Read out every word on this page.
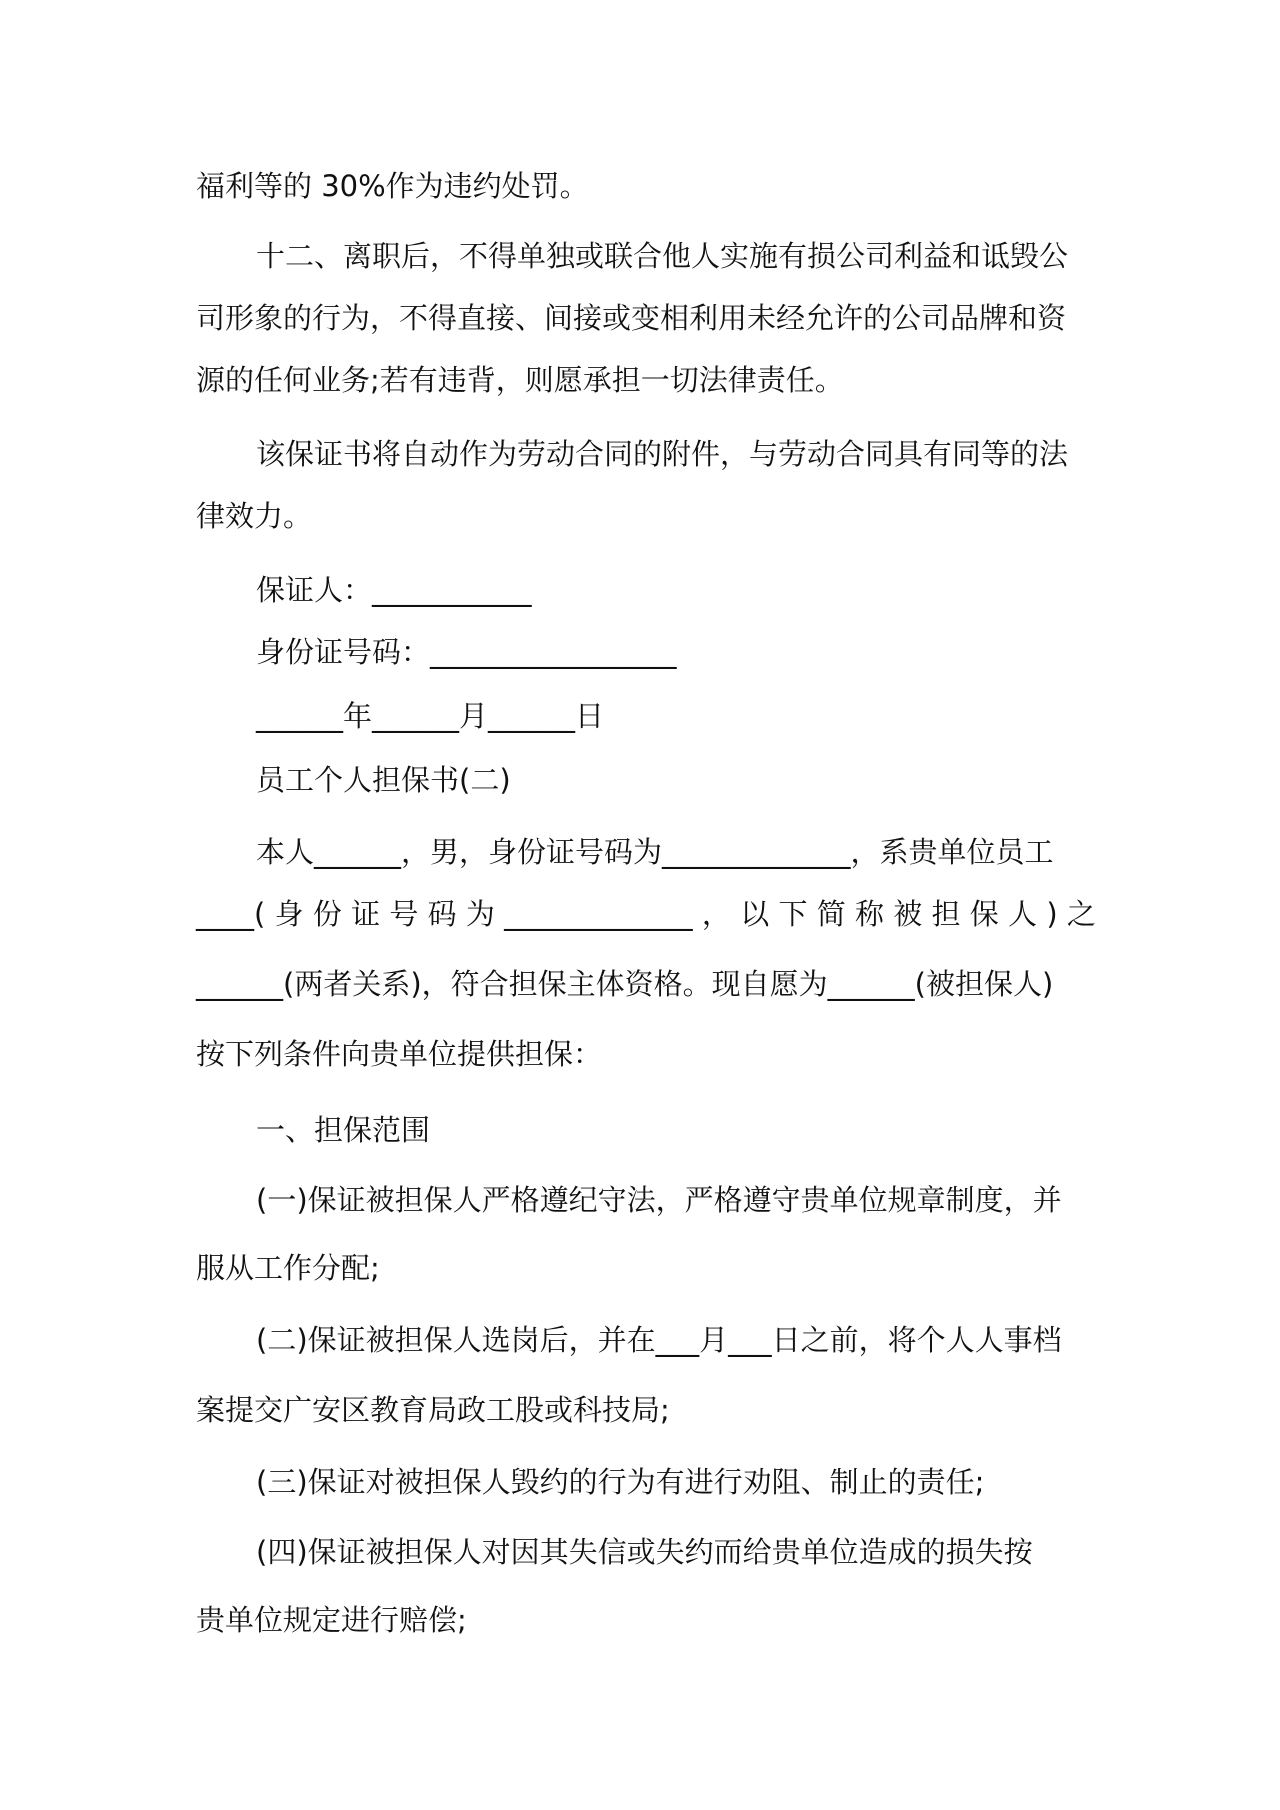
福利等的 30%作为违约处罚。
十二、离职后，不得单独或联合他人实施有损公司利益和诋毁公
司形象的行为，不得直接、间接或变相利用未经允许的公司品牌和资
源的任何业务;若有违背，则愿承担一切法律责任。
该保证书将自动作为劳动合同的附件，与劳动合同具有同等的法
律效力。
保证人：___________
身份证号码：_________________
______年______月______日
员工个人担保书(二)
本人______，男，身份证号码为_____________，系贵单位员工
____( 身 份 证 号 码 为 _____________ ， 以 下 简 称 被 担 保 人 ) 之
______(两者关系)，符合担保主体资格。现自愿为______(被担保人)
按下列条件向贵单位提供担保：
一、担保范围
(一)保证被担保人严格遵纪守法，严格遵守贵单位规章制度，并
服从工作分配;
(二)保证被担保人选岗后，并在___月___日之前，将个人人事档
案提交广安区教育局政工股或科技局;
(三)保证对被担保人毁约的行为有进行劝阻、制止的责任;
(四)保证被担保人对因其失信或失约而给贵单位造成的损失按
贵单位规定进行赔偿;
